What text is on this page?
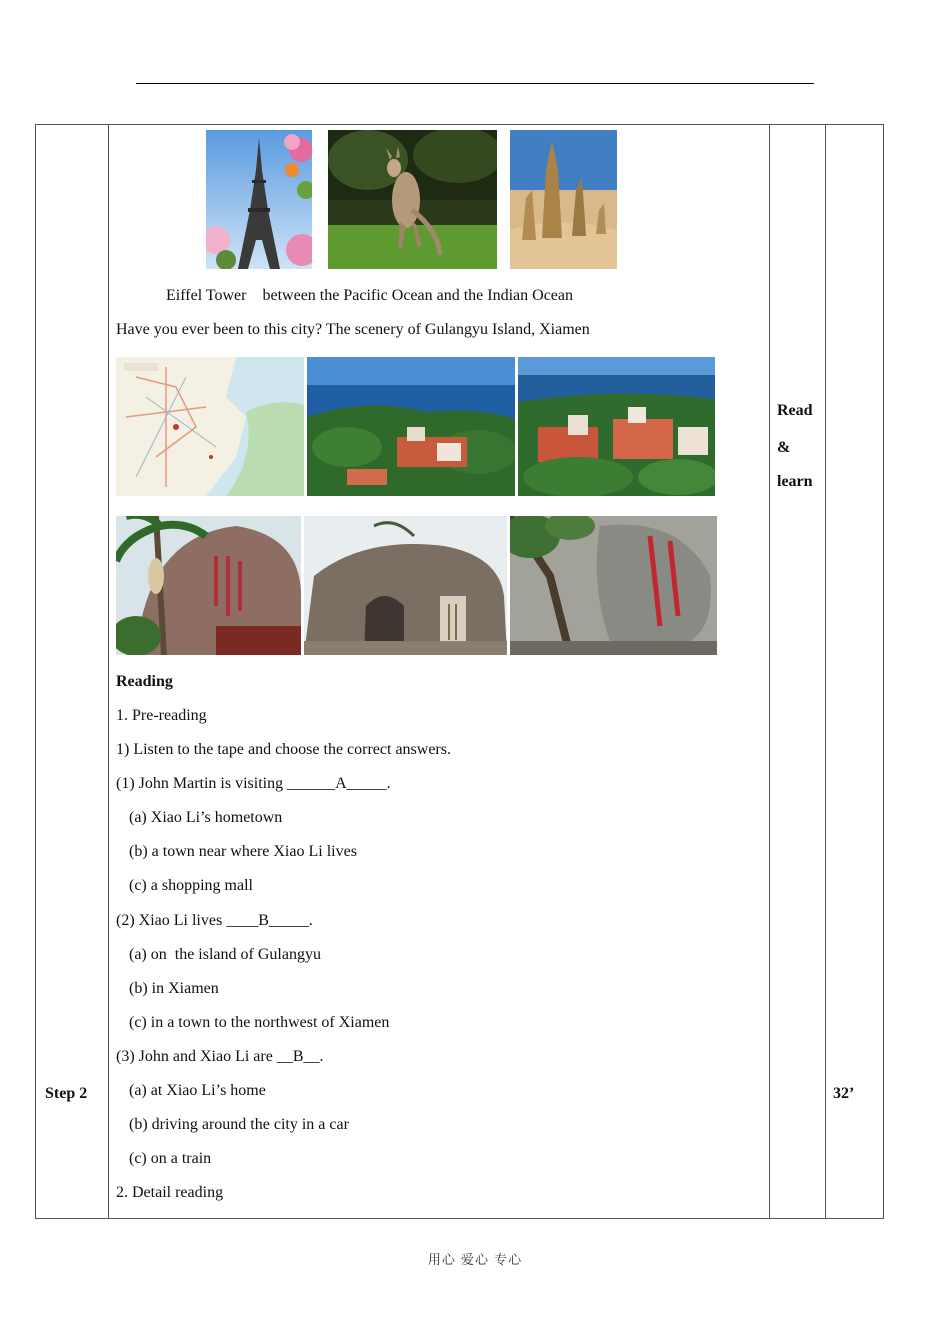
Step 2
Read
&
learn
32’
Eiffel Tower    between the Pacific Ocean and the Indian Ocean
Have you ever been to this city? The scenery of Gulangyu Island, Xiamen
Reading
1. Pre-reading
1) Listen to the tape and choose the correct answers.
(1) John Martin is visiting ______A_____.
(a) Xiao Li’s hometown
(b) a town near where Xiao Li lives
(c) a shopping mall
(2) Xiao Li lives ____B_____.
(a) on  the island of Gulangyu
(b) in Xiamen
(c) in a town to the northwest of Xiamen
(3) John and Xiao Li are __B__.
(a) at Xiao Li’s home
(b) driving around the city in a car
(c) on a train
2. Detail reading
用心 爱心 专心
